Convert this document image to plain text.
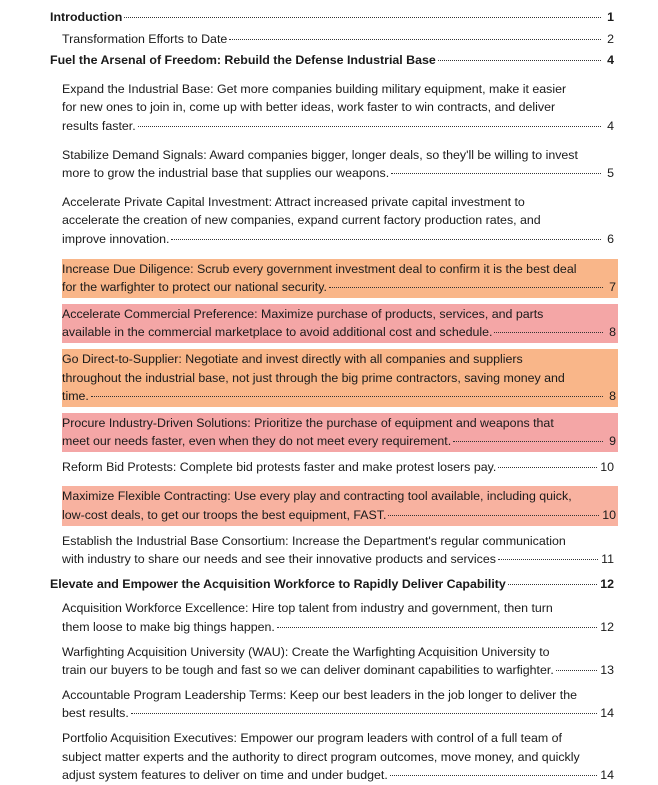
Introduction	1
Transformation Efforts to Date	2
Fuel the Arsenal of Freedom: Rebuild the Defense Industrial Base	4
Expand the Industrial Base: Get more companies building military equipment, make it easier
for new ones to join in, come up with better ideas, work faster to win contracts, and deliver
results faster.	4
Stabilize Demand Signals: Award companies bigger, longer deals, so they'll be willing to invest
more to grow the industrial base that supplies our weapons.	5
Accelerate Private Capital Investment: Attract increased private capital investment to
accelerate the creation of new companies, expand current factory production rates, and
improve innovation.	6
Increase Due Diligence: Scrub every government investment deal to confirm it is the best deal
for the warfighter to protect our national security.	7
Accelerate Commercial Preference: Maximize purchase of products, services, and parts
available in the commercial marketplace to avoid additional cost and schedule.	8
Go Direct-to-Supplier: Negotiate and invest directly with all companies and suppliers
throughout the industrial base, not just through the big prime contractors, saving money and
time.	8
Procure Industry-Driven Solutions: Prioritize the purchase of equipment and weapons that
meet our needs faster, even when they do not meet every requirement.	9
Reform Bid Protests: Complete bid protests faster and make protest losers pay.	10
Maximize Flexible Contracting: Use every play and contracting tool available, including quick,
low-cost deals, to get our troops the best equipment, FAST.	10
Establish the Industrial Base Consortium: Increase the Department's regular communication
with industry to share our needs and see their innovative products and services	11
Elevate and Empower the Acquisition Workforce to Rapidly Deliver Capability	12
Acquisition Workforce Excellence: Hire top talent from industry and government, then turn
them loose to make big things happen.	12
Warfighting Acquisition University (WAU): Create the Warfighting Acquisition University to
train our buyers to be tough and fast so we can deliver dominant capabilities to warfighter.	13
Accountable Program Leadership Terms: Keep our best leaders in the job longer to deliver the
best results.	14
Portfolio Acquisition Executives: Empower our program leaders with control of a full team of
subject matter experts and the authority to direct program outcomes, move money, and quickly
adjust system features to deliver on time and under budget.	14
